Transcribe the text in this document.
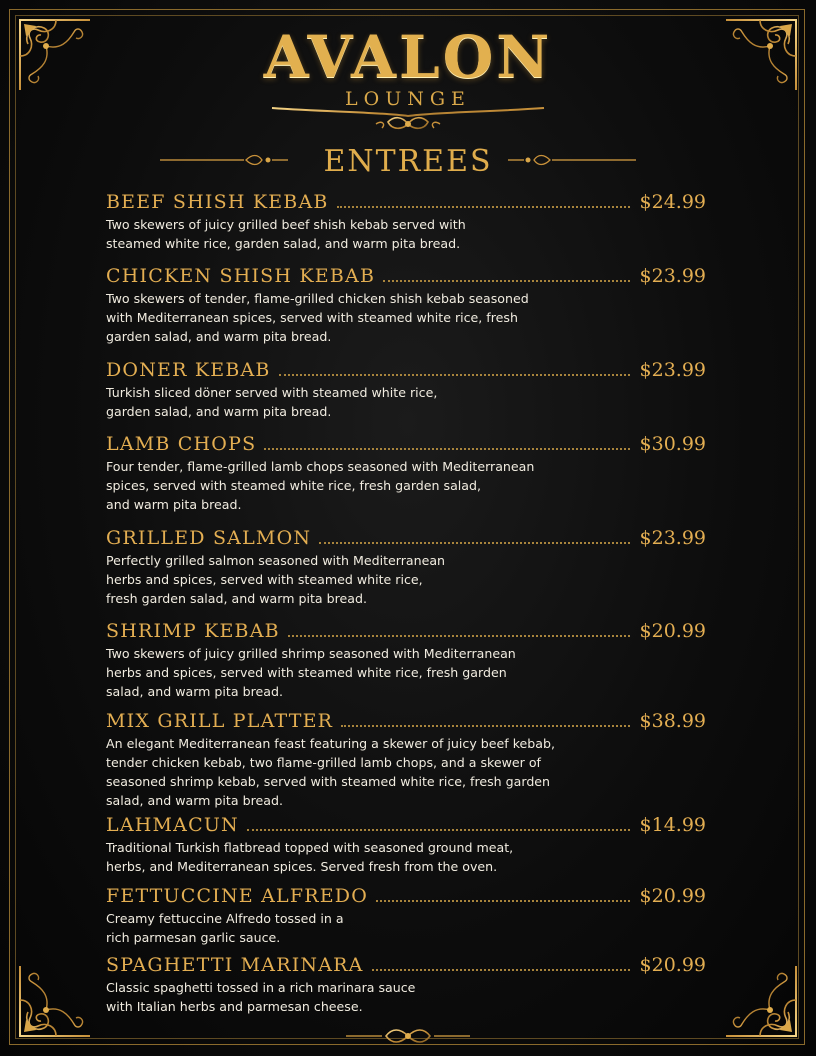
AVALON
LOUNGE
ENTREES
BEEF SHISH KEBAB	$24.99
Two skewers of juicy grilled beef shish kebab served with
steamed white rice, garden salad, and warm pita bread.
CHICKEN SHISH KEBAB	$23.99
Two skewers of tender, flame-grilled chicken shish kebab seasoned
with Mediterranean spices, served with steamed white rice, fresh
garden salad, and warm pita bread.
DONER KEBAB	$23.99
Turkish sliced döner served with steamed white rice,
garden salad, and warm pita bread.
LAMB CHOPS	$30.99
Four tender, flame-grilled lamb chops seasoned with Mediterranean
spices, served with steamed white rice, fresh garden salad,
and warm pita bread.
GRILLED SALMON	$23.99
Perfectly grilled salmon seasoned with Mediterranean
herbs and spices, served with steamed white rice,
fresh garden salad, and warm pita bread.
SHRIMP KEBAB	$20.99
Two skewers of juicy grilled shrimp seasoned with Mediterranean
herbs and spices, served with steamed white rice, fresh garden
salad, and warm pita bread.
MIX GRILL PLATTER	$38.99
An elegant Mediterranean feast featuring a skewer of juicy beef kebab,
tender chicken kebab, two flame-grilled lamb chops, and a skewer of
seasoned shrimp kebab, served with steamed white rice, fresh garden
salad, and warm pita bread.
LAHMACUN	$14.99
Traditional Turkish flatbread topped with seasoned ground meat,
herbs, and Mediterranean spices. Served fresh from the oven.
FETTUCCINE ALFREDO	$20.99
Creamy fettuccine Alfredo tossed in a
rich parmesan garlic sauce.
SPAGHETTI MARINARA	$20.99
Classic spaghetti tossed in a rich marinara sauce
with Italian herbs and parmesan cheese.
